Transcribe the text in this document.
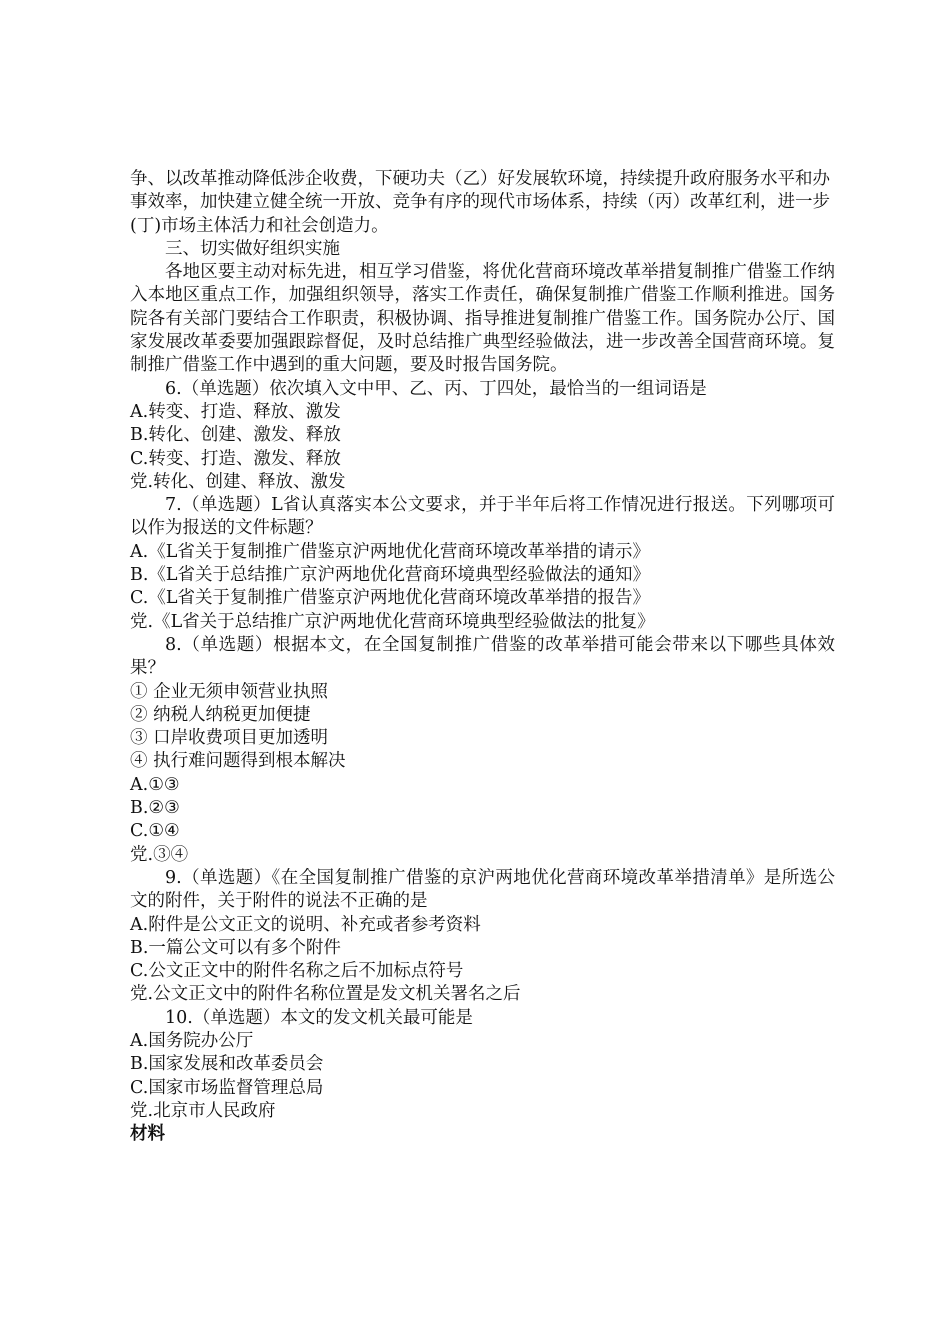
争、以改革推动降低涉企收费，下硬功夫（乙）好发展软环境，持续提升政府服务水平和办事效率，加快建立健全统一开放、竞争有序的现代市场体系，持续（丙）改革红利，进一步(丁)市场主体活力和社会创造力。

三、切实做好组织实施

各地区要主动对标先进，相互学习借鉴，将优化营商环境改革举措复制推广借鉴工作纳入本地区重点工作，加强组织领导，落实工作责任，确保复制推广借鉴工作顺利推进。国务院各有关部门要结合工作职责，积极协调、指导推进复制推广借鉴工作。国务院办公厅、国家发展改革委要加强跟踪督促，及时总结推广典型经验做法，进一步改善全国营商环境。复制推广借鉴工作中遇到的重大问题，要及时报告国务院。

6.（单选题）依次填入文中甲、乙、丙、丁四处，最恰当的一组词语是

A.转变、打造、释放、激发

B.转化、创建、激发、释放

C.转变、打造、激发、释放

党.转化、创建、释放、激发

7.（单选题）L省认真落实本公文要求，并于半年后将工作情况进行报送。下列哪项可以作为报送的文件标题？

A.《L省关于复制推广借鉴京沪两地优化营商环境改革举措的请示》

B.《L省关于总结推广京沪两地优化营商环境典型经验做法的通知》

C.《L省关于复制推广借鉴京沪两地优化营商环境改革举措的报告》

党.《L省关于总结推广京沪两地优化营商环境典型经验做法的批复》

8.（单选题）根据本文，在全国复制推广借鉴的改革举措可能会带来以下哪些具体效果？

① 企业无须申领营业执照

② 纳税人纳税更加便捷

③ 口岸收费项目更加透明

④ 执行难问题得到根本解决

A.①③

B.②③

C.①④

党.③④

9.（单选题）《在全国复制推广借鉴的京沪两地优化营商环境改革举措清单》是所选公文的附件，关于附件的说法不正确的是

A.附件是公文正文的说明、补充或者参考资料

B.一篇公文可以有多个附件

C.公文正文中的附件名称之后不加标点符号

党.公文正文中的附件名称位置是发文机关署名之后

10.（单选题）本文的发文机关最可能是

A.国务院办公厅

B.国家发展和改革委员会

C.国家市场监督管理总局

党.北京市人民政府

材料
